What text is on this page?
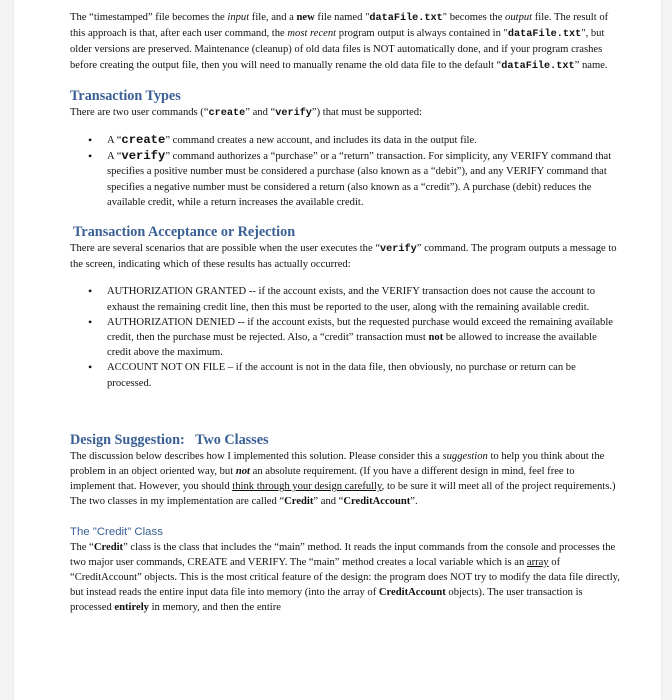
The “timestamped” file becomes the input file, and a new file named "dataFile.txt" becomes the output file. The result of this approach is that, after each user command, the most recent program output is always contained in "dataFile.txt", but older versions are preserved. Maintenance (cleanup) of old data files is NOT automatically done, and if your program crashes before creating the output file, then you will need to manually rename the old data file to the default “dataFile.txt” name.

Transaction Types

There are two user commands (“create” and “verify”) that must be supported:

• A “create” command creates a new account, and includes its data in the output file.
• A “verify” command authorizes a “purchase” or a “return” transaction. For simplicity, any VERIFY command that specifies a positive number must be considered a purchase (also known as a “debit”), and any VERIFY command that specifies a negative number must be considered a return (also known as a “credit”). A purchase (debit) reduces the available credit, while a return increases the available credit.
Transaction Acceptance or Rejection

There are several scenarios that are possible when the user executes the “verify” command. The program outputs a message to the screen, indicating which of these results has actually occurred:

• AUTHORIZATION GRANTED -- if the account exists, and the VERIFY transaction does not cause the account to exhaust the remaining credit line, then this must be reported to the user, along with the remaining available credit.
• AUTHORIZATION DENIED -- if the account exists, but the requested purchase would exceed the remaining available credit, then the purchase must be rejected. Also, a “credit” transaction must not be allowed to increase the available credit above the maximum.
• ACCOUNT NOT ON FILE – if the account is not in the data file, then obviously, no purchase or return can be processed.
Design Suggestion:   Two Classes

The discussion below describes how I implemented this solution. Please consider this a suggestion to help you think about the problem in an object oriented way, but not an absolute requirement. (If you have a different design in mind, feel free to implement that. However, you should think through your design carefully, to be sure it will meet all of the project requirements.) The two classes in my implementation are called “Credit” and “CreditAccount”.

The "Credit" Class

The “Credit” class is the class that includes the “main” method. It reads the input commands from the console and processes the two major user commands, CREATE and VERIFY. The “main” method creates a local variable which is an array of “CreditAccount” objects. This is the most critical feature of the design: the program does NOT try to modify the data file directly, but instead reads the entire input data file into memory (into the array of CreditAccount objects). The user transaction is processed entirely in memory, and then the entire
